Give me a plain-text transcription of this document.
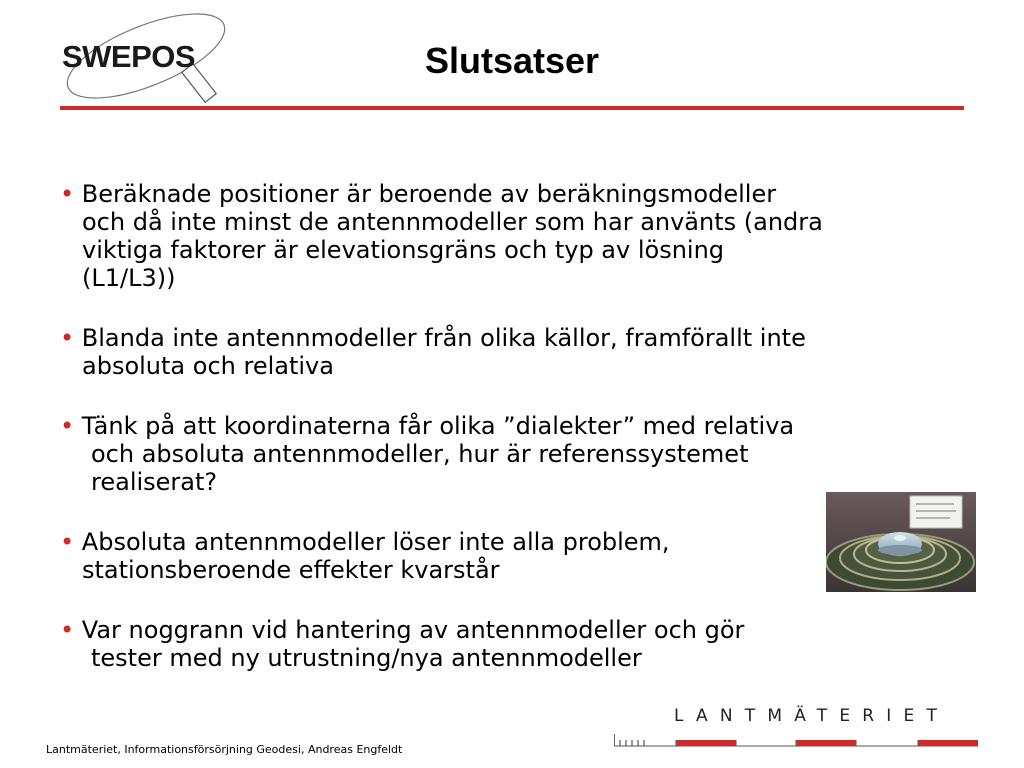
SWEPOS	Slutsatser
• Beräknade positioner är beroende av beräkningsmodeller
och då inte minst de antennmodeller som har använts (andra
viktiga faktorer är elevationsgräns och typ av lösning
(L1/L3))
• Blanda inte antennmodeller från olika källor, framförallt inte
absoluta och relativa
• Tänk på att koordinaterna får olika ”dialekter” med relativa
och absoluta antennmodeller, hur är referenssystemet
realiserat?
• Absoluta antennmodeller löser inte alla problem,
stationsberoende effekter kvarstår
• Var noggrann vid hantering av antennmodeller och gör
tester med ny utrustning/nya antennmodeller
Lantmäteriet, Informationsförsörjning Geodesi, Andreas Engfeldt
LANTMÄTERIET
